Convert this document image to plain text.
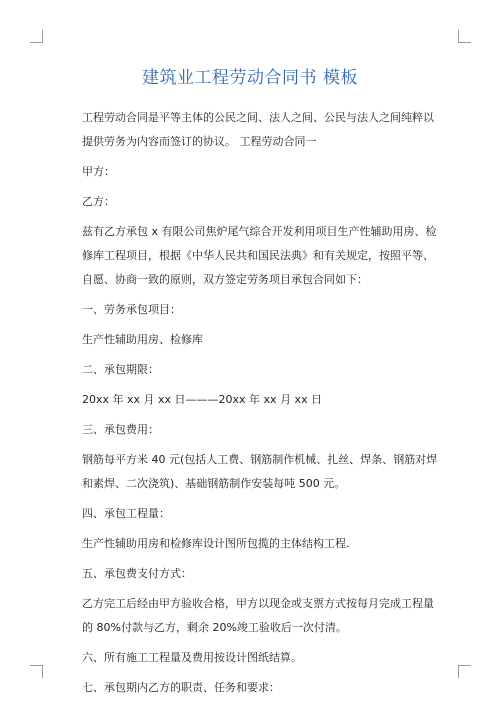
建筑业工程劳动合同书 模板

工程劳动合同是平等主体的公民之间、法人之间、公民与法人之间纯粹以提供劳务为内容而签订的协议。 工程劳动合同一

甲方：

乙方：

兹有乙方承包 x 有限公司焦炉尾气综合开发利用项目生产性辅助用房、检修库工程项目，根据《中华人民共和国民法典》和有关规定，按照平等、自愿、协商一致的原则，双方签定劳务项目承包合同如下：

一、劳务承包项目：

生产性辅助用房、检修库

二、承包期限：

20xx 年 xx 月 xx 日———20xx 年 xx 月 xx 日

三、承包费用：

钢筋每平方米 40 元(包括人工费、钢筋制作机械、扎丝、焊条、钢筋对焊和素焊、二次浇筑)、基础钢筋制作安装每吨 500 元。

四、承包工程量：

生产性辅助用房和检修库设计图所包揽的主体结构工程.

五、承包费支付方式：

乙方完工后经由甲方验收合格，甲方以现金或支票方式按每月完成工程量的 80%付款与乙方，剩余 20%竣工验收后一次付清。

六、所有施工工程量及费用按设计图纸结算。

七、承包期内乙方的职责、任务和要求：
